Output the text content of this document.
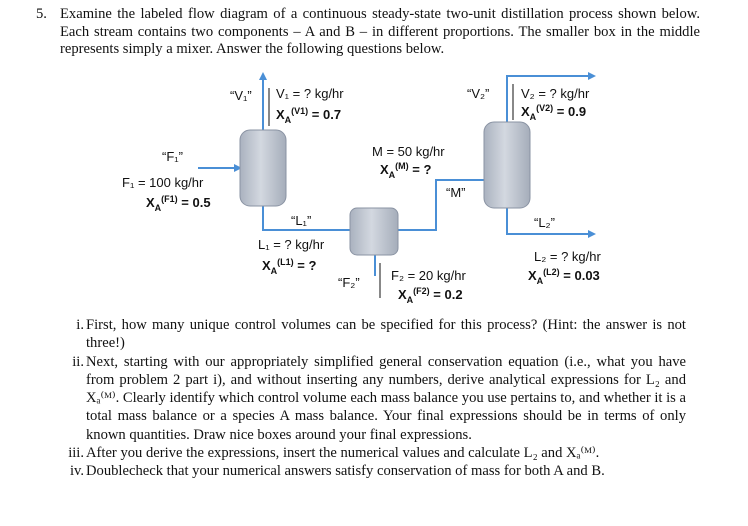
5. Examine the labeled flow diagram of a continuous steady-state two-unit distillation process shown below. Each stream contains two components – A and B – in different proportions. The smaller box in the middle represents simply a mixer. Answer the following questions below.

“V₁” V₁ = ? kg/hr
$X_A^{(V1)} = 0.7$
“V₂” V₂ = ? kg/hr
$X_A^{(V2)} = 0.9$
“F₁”
F₁ = 100 kg/hr
$X_A^{(F1)} = 0.5$
M = 50 kg/hr
$X_A^{(M)}$ = ?
“M”
“L₁”
L₁ = ? kg/hr
$X_A^{(L1)}$ = ?
“F₂” F₂ = 20 kg/hr
$X_A^{(F2)} = 0.2$
“L₂”
L₂ = ? kg/hr
$X_A^{(L2)} = 0.03$

i. First, how many unique control volumes can be specified for this process? (Hint: the answer is not three!)

ii. Next, starting with our appropriately simplified general conservation equation (i.e., what you have from problem 2 part i), and without inserting any numbers, derive analytical expressions for L₂ and Xₐ⁽ᴹ⁾. Clearly identify which control volume each mass balance you use pertains to, and whether it is a total mass balance or a species A mass balance. Your final expressions should be in terms of only known quantities. Draw nice boxes around your final expressions.

iii. After you derive the expressions, insert the numerical values and calculate L₂ and Xₐ⁽ᴹ⁾.

iv. Doublecheck that your numerical answers satisfy conservation of mass for both A and B.
